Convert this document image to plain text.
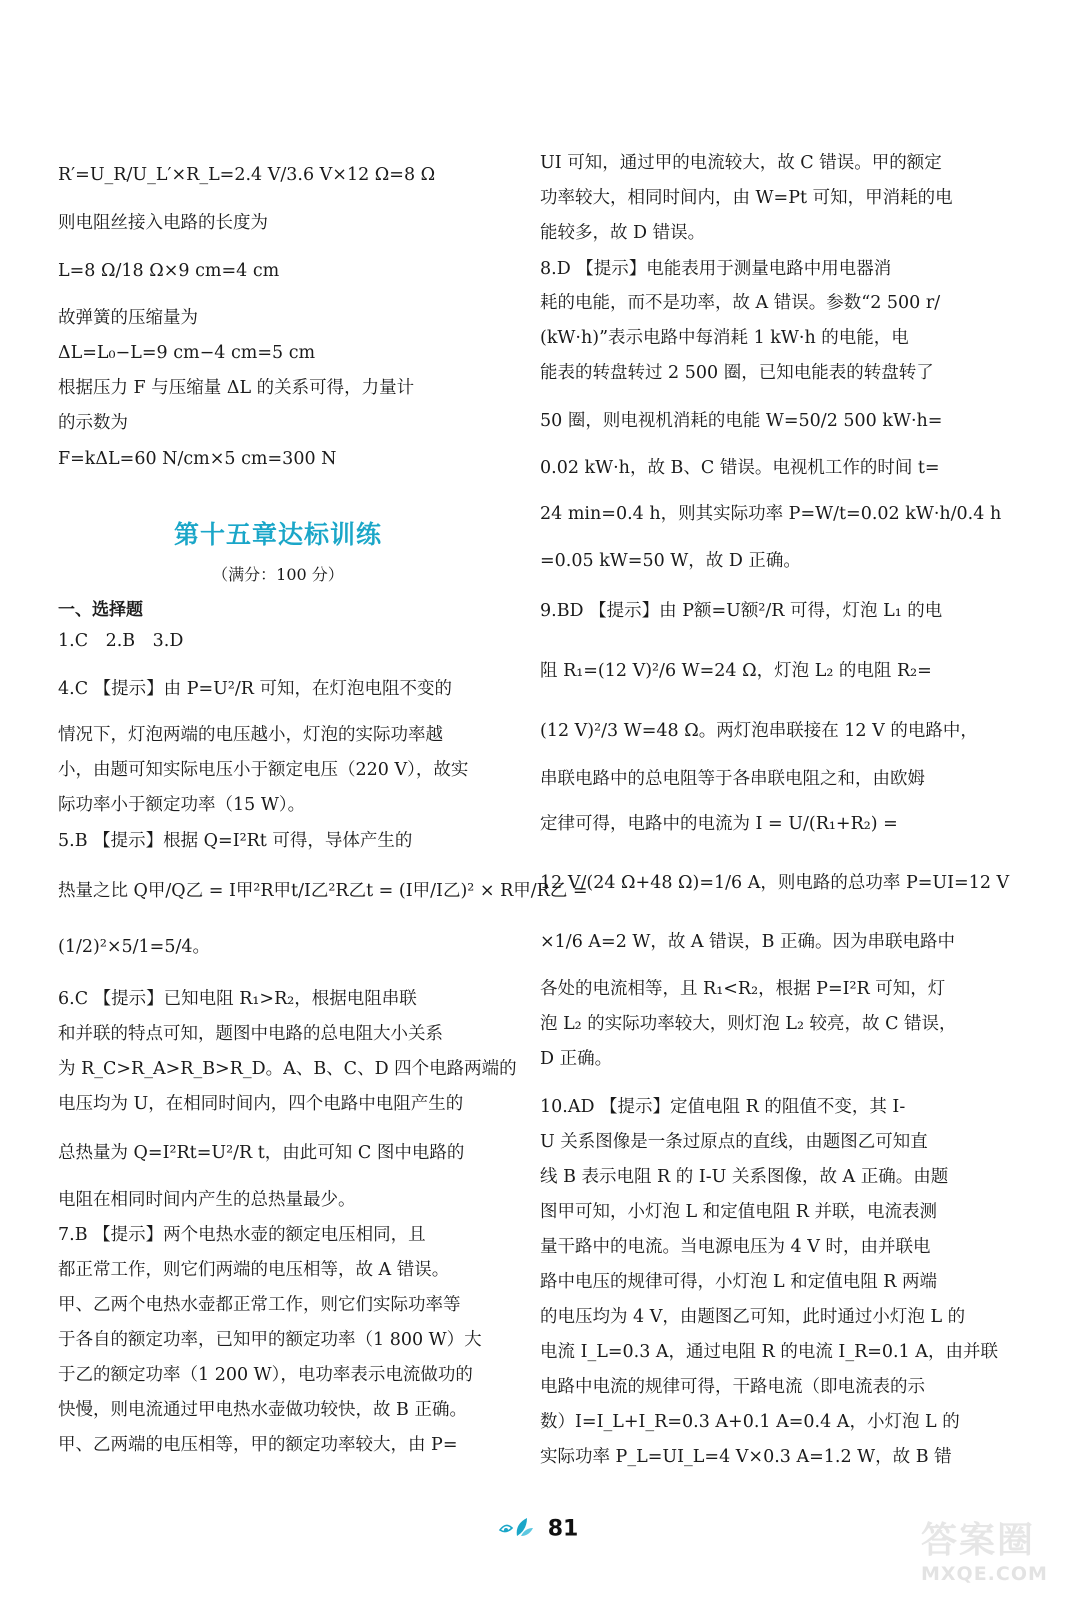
R′=U_R/U_L′×R_L=2.4 V/3.6 V×12 Ω=8 Ω
则电阻丝接入电路的长度为
L=8 Ω/18 Ω×9 cm=4 cm
故弹簧的压缩量为
ΔL=L₀−L=9 cm−4 cm=5 cm
根据压力 F 与压缩量 ΔL 的关系可得，力量计
的示数为
F=kΔL=60 N/cm×5 cm=300 N
第十五章达标训练
（满分：100 分）
一、选择题
1.C　2.B　3.D
4.C 【提示】由 P=U²/R 可知，在灯泡电阻不变的
情况下，灯泡两端的电压越小，灯泡的实际功率越
小，由题可知实际电压小于额定电压（220 V），故实
际功率小于额定功率（15 W）。
5.B 【提示】根据 Q=I²Rt 可得，导体产生的
热量之比 Q甲/Q乙 = I甲²R甲t/I乙²R乙t = (I甲/I乙)² × R甲/R乙 =
(1/2)²×5/1=5/4。
6.C 【提示】已知电阻 R₁>R₂，根据电阻串联
和并联的特点可知，题图中电路的总电阻大小关系
为 R_C>R_A>R_B>R_D。A、B、C、D 四个电路两端的
电压均为 U，在相同时间内，四个电路中电阻产生的
总热量为 Q=I²Rt=U²/R t，由此可知 C 图中电路的
电阻在相同时间内产生的总热量最少。
7.B 【提示】两个电热水壶的额定电压相同，且
都正常工作，则它们两端的电压相等，故 A 错误。
甲、乙两个电热水壶都正常工作，则它们实际功率等
于各自的额定功率，已知甲的额定功率（1 800 W）大
于乙的额定功率（1 200 W），电功率表示电流做功的
快慢，则电流通过甲电热水壶做功较快，故 B 正确。
甲、乙两端的电压相等，甲的额定功率较大，由 P=
UI 可知，通过甲的电流较大，故 C 错误。甲的额定
功率较大，相同时间内，由 W=Pt 可知，甲消耗的电
能较多，故 D 错误。
8.D 【提示】电能表用于测量电路中用电器消
耗的电能，而不是功率，故 A 错误。参数“2 500 r/
(kW·h)”表示电路中每消耗 1 kW·h 的电能，电
能表的转盘转过 2 500 圈，已知电能表的转盘转了
50 圈，则电视机消耗的电能 W=50/2 500 kW·h=
0.02 kW·h，故 B、C 错误。电视机工作的时间 t=
24 min=0.4 h，则其实际功率 P=W/t=0.02 kW·h/0.4 h
=0.05 kW=50 W，故 D 正确。
9.BD 【提示】由 P额=U额²/R 可得，灯泡 L₁ 的电
阻 R₁=(12 V)²/6 W=24 Ω，灯泡 L₂ 的电阻 R₂=
(12 V)²/3 W=48 Ω。两灯泡串联接在 12 V 的电路中，
串联电路中的总电阻等于各串联电阻之和，由欧姆
定律可得，电路中的电流为 I = U/(R₁+R₂) =
12 V/(24 Ω+48 Ω)=1/6 A，则电路的总功率 P=UI=12 V
×1/6 A=2 W，故 A 错误，B 正确。因为串联电路中
各处的电流相等，且 R₁<R₂，根据 P=I²R 可知，灯
泡 L₂ 的实际功率较大，则灯泡 L₂ 较亮，故 C 错误，
D 正确。
10.AD 【提示】定值电阻 R 的阻值不变，其 I-
U 关系图像是一条过原点的直线，由题图乙可知直
线 B 表示电阻 R 的 I-U 关系图像，故 A 正确。由题
图甲可知，小灯泡 L 和定值电阻 R 并联，电流表测
量干路中的电流。当电源电压为 4 V 时，由并联电
路中电压的规律可得，小灯泡 L 和定值电阻 R 两端
的电压均为 4 V，由题图乙可知，此时通过小灯泡 L 的
电流 I_L=0.3 A，通过电阻 R 的电流 I_R=0.1 A，由并联
电路中电流的规律可得，干路电流（即电流表的示
数）I=I_L+I_R=0.3 A+0.1 A=0.4 A，小灯泡 L 的
实际功率 P_L=UI_L=4 V×0.3 A=1.2 W，故 B 错
81	答案圈
MXQE.COM
